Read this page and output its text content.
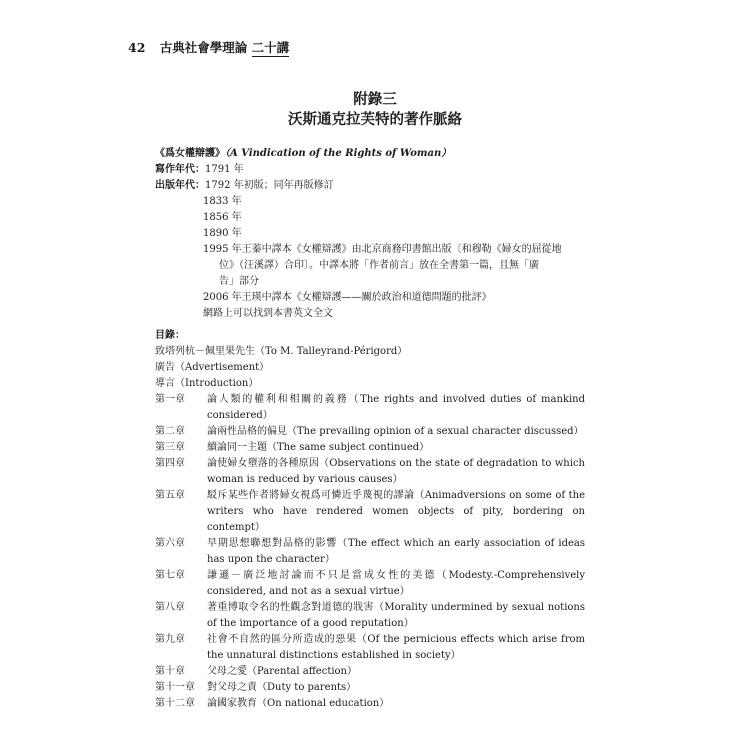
42 古典社會學理論 二十講
附錄三
沃斯通克拉芙特的著作脈絡
《爲女權辯護》（A Vindication of the Rights of Woman）
寫作年代：1791 年
出版年代：1792 年初版；同年再版修訂
1833 年
1856 年
1890 年
1995 年王蓁中譯本《女權辯護》由北京商務印書館出版〔和穆勒《婦女的屈從地
位》（汪溪譯）合印〕。中譯本將「作者前言」放在全書第一篇，且無「廣
告」部分
2006 年王瑛中譯本《女權辯護——關於政治和道德問題的批評》
網路上可以找到本書英文全文
目錄：
致塔列杭－佩里果先生（To M. Talleyrand-Périgord）
廣告（Advertisement）
導言（Introduction）
第一章	論人類的權利和相關的義務（The rights and involved duties of mankind considered）
第二章	論兩性品格的偏見（The prevailing opinion of a sexual character discussed）
第三章	續論同一主題（The same subject continued）
第四章	論使婦女墮落的各種原因（Observations on the state of degradation to which woman is reduced by various causes）
第五章	駁斥某些作者將婦女視爲可憐近乎蔑視的謬論（Animadversions on some of the writers who have rendered women objects of pity, bordering on contempt）
第六章	早期思想聯想對品格的影響（The effect which an early association of ideas has upon the character）
第七章	謙遜－廣泛地討論而不只是當成女性的美德（Modesty.-Comprehensively considered, and not as a sexual virtue）
第八章	著重博取令名的性觀念對道德的戕害（Morality undermined by sexual notions of the importance of a good reputation）
第九章	社會不自然的區分所造成的惡果（Of the pernicious effects which arise from the unnatural distinctions established in society）
第十章	父母之愛（Parental affection）
第十一章	對父母之責（Duty to parents）
第十二章	論國家教育（On national education）
